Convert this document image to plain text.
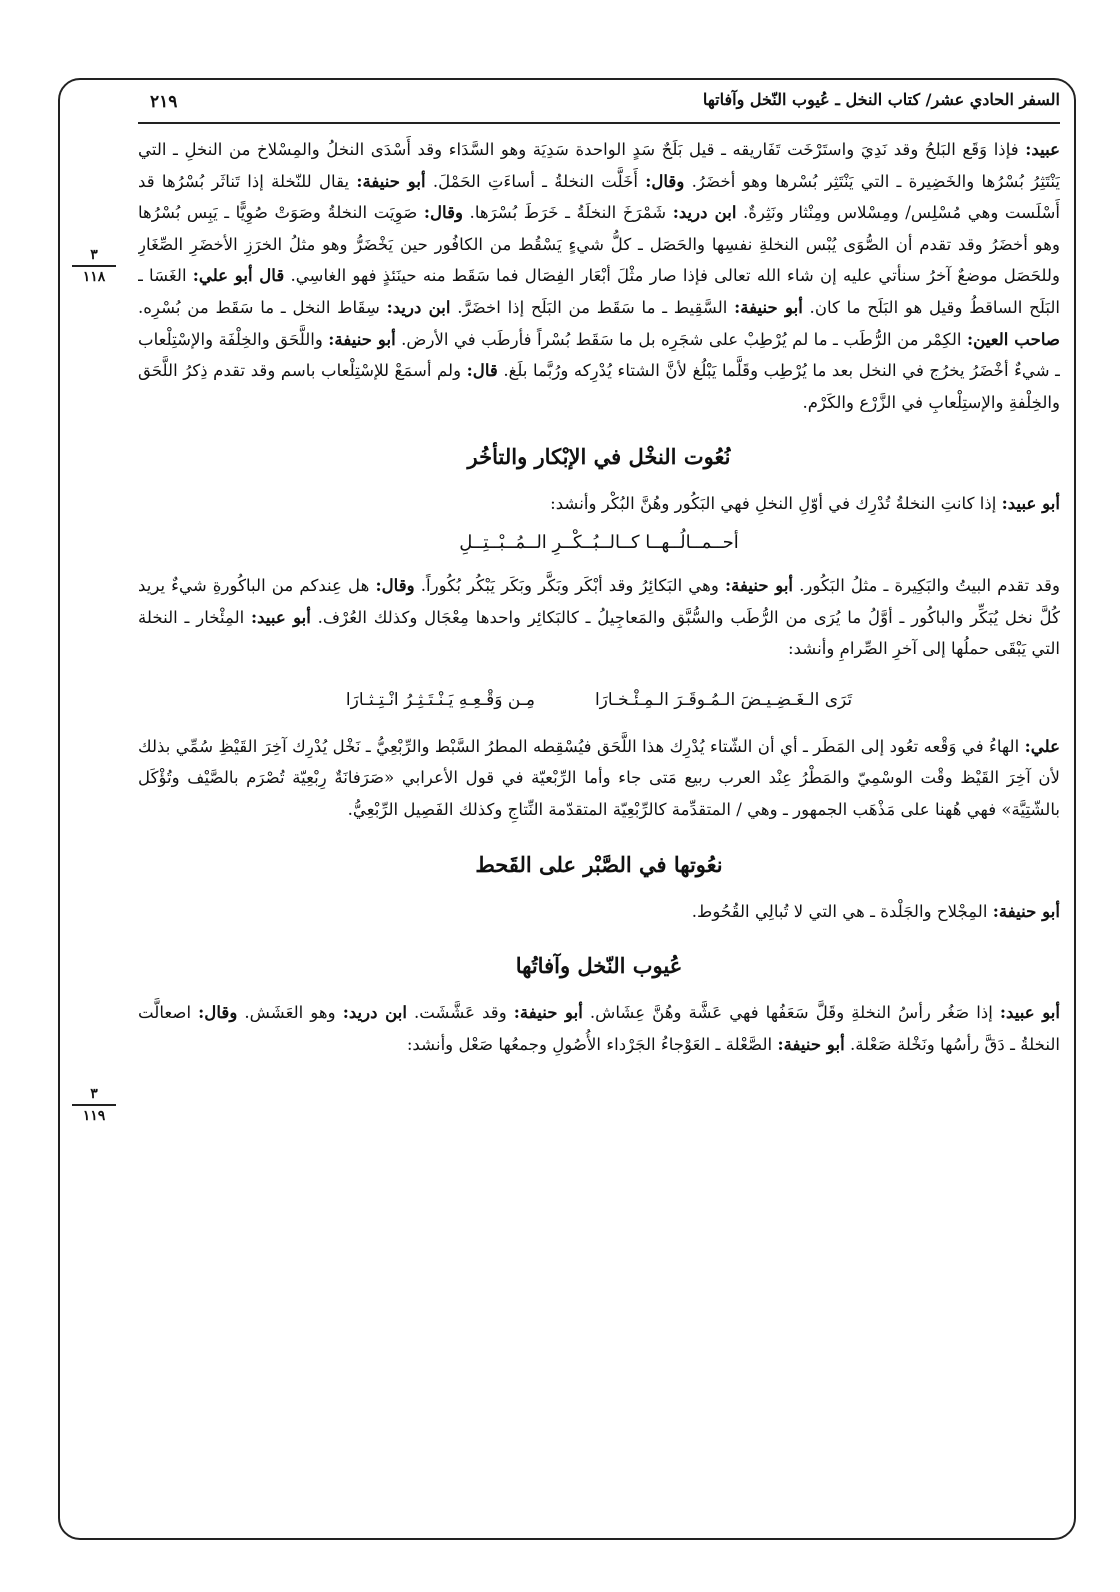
السفر الحادي عشر/ كتاب النخل ـ عُيوب النّخل وآفاتها
٢١٩
٣
١١٨
٣
١١٩

عبيد: فإذا وَقَع البَلحُ وقد نَدِيَ واستَرْخَت تَفَاريقه ـ قيل بَلَحٌ سَدٍ الواحدة سَدِيَة وهو السَّدَاء وقد أَسْدَى النخلُ والمِسْلاخ من النخلِ ـ التي يَنْتَثِرُ بُسْرُها والخَضِيرة ـ التي يَنْتَثِر بُسْرها وهو أخضَرُ. وقال: أَخَلَّت النخلةُ ـ أساءَتِ الحَمْلَ. أبو حنيفة: يقال للنّخلة إذا تَناثَر بُسْرُها قد أَسْلَست وهي مُسْلِس/ ومِسْلاس ومِنْثار ونَثِرةٌ. ابن دريد: شَمْرَخَ النخلَةُ ـ خَرَطَ بُسْرَها. وقال: صَوِيَت النخلةُ وصَوَتْ صُوِيًّا ـ يَبِس بُسْرُها وهو أخضَرُ وقد تقدم أن الصُّوَى يُبْس النخلةِ نفسِها والحَصَل ـ كلُّ شيءٍ يَسْقُط من الكافُور حين يَخْضَرُّ وهو مثلُ الخرَزِ الأخضَرِ الصِّغَارِ وللحَصَل موضعٌ آخرُ سنأتي عليه إن شاء الله تعالى فإذا صار مثْلَ أبْعَار الفِصَال فما سَقَط منه حينَئذٍ فهو الغاسِي. قال أبو علي: الغَسَا ـ البَلَح الساقطُ وقيل هو البَلَح ما كان. أبو حنيفة: السَّقِيط ـ ما سَقَط من البَلَح إذا اخضَرَّ. ابن دريد: سِقَاط النخل ـ ما سَقَط من بُسْرِه. صاحب العين: الكِمْر من الرُّطَب ـ ما لم يُرْطِبْ على شجَرِه بل ما سَقَط بُسْراً فأرطَب في الأرض. أبو حنيفة: واللَّحَق والخِلْفَة والإسْتِلْعاب ـ شيءٌ أخْضَرُ يخرُج في النخل بعد ما يُرْطِب وقَلَّما يَبْلُغ لأنَّ الشتاء يُدْرِكه ورُبَّما بلَغ. قال: ولم أسمَعْ للإسْتِلْعاب باسم وقد تقدم ذِكرُ اللَّحَق والخِلْفةِ والإستِلْعابِ في الزَّرْع والكَرْم.

نُعُوت النخْل في الإبْكار والتأخُر

أبو عبيد: إذا كانتِ النخلةُ تُدْرِك في أوّلِ النخلِ فهي البَكُور وهُنَّ البُكْر وأنشد:

أحــمــالُــهــا كــالــبُــكْــرِ الــمُــبْــتِــلِ

وقد تقدم البيتُ والبَكِيرة ـ مثلُ البَكُور. أبو حنيفة: وهي البَكائِرُ وقد أبْكَر وبَكَّر وبَكَر يَبْكُر بُكُوراً. وقال: هل عِندكم من الباكُورةِ شيءٌ يريد كُلَّ نخل يُبَكِّر والباكُور ـ أوَّلُ ما يُرَى من الرُّطَب والسُّبَّق والمَعاجِيلُ ـ كالبَكائِر واحدها مِعْجَال وكذلك العُرْف. أبو عبيد: المِئْخار ـ النخلة التي يَبْقَى حملُها إلى آخرِ الصِّرامِ وأنشد:

تَرَى الـغَـضِـيـضَ الـمُـوقَـرَ الـمِـئْـخـارَا
مِـن وَقْـعِـهِ يَـنْـتَـثِـرُ انْـتِـثـارَا

علي: الهاءُ في وَقْعه تعُود إلى المَطَر ـ أي أن الشّتاء يُدْرِك هذا اللَّحَق فيُسْقِطه المطرُ السَّبْط والرِّبْعِيُّ ـ نَخْل يُدْرِك آخِرَ القَيْظِ سُمِّي بذلك لأن آخِرَ القَيْظ وقْت الوسْمِيّ والمَطْرُ عِنْد العرب ربيع مَتى جاء وأما الرِّبْعيّة في قول الأعرابي «صَرَفانَةٌ رِبْعِيّة تُصْرَم بالصَّيْف وتُؤْكَل بالشّتِيَّة» فهي هُهنا على مَذْهَب الجمهور ـ وهي / المتقدِّمة كالرِّبْعِيّة المتقدّمة النِّتاجِ وكذلك الفَصِيل الرِّبْعِيُّ.

نعُوتها في الصَّبْر على القَحط

أبو حنيفة: المِجْلاح والجَلْدة ـ هي التي لا تُبالِي القُحُوط.

عُيوب النّخل وآفاتُها

أبو عبيد: إذا صَغُر رأسُ النخلةِ وقَلَّ سَعَفُها فهي عَشَّة وهُنَّ عِشَاش. أبو حنيفة: وقد عَشَّشَت. ابن دريد: وهو العَشَش. وقال: اصعالَّت النخلةُ ـ دَقَّ رأسُها ونَخْلة صَعْلة. أبو حنيفة: الصَّعْلة ـ العَوْجاءُ الجَرْداء الأُصُولِ وجمعُها صَعْل وأنشد:
